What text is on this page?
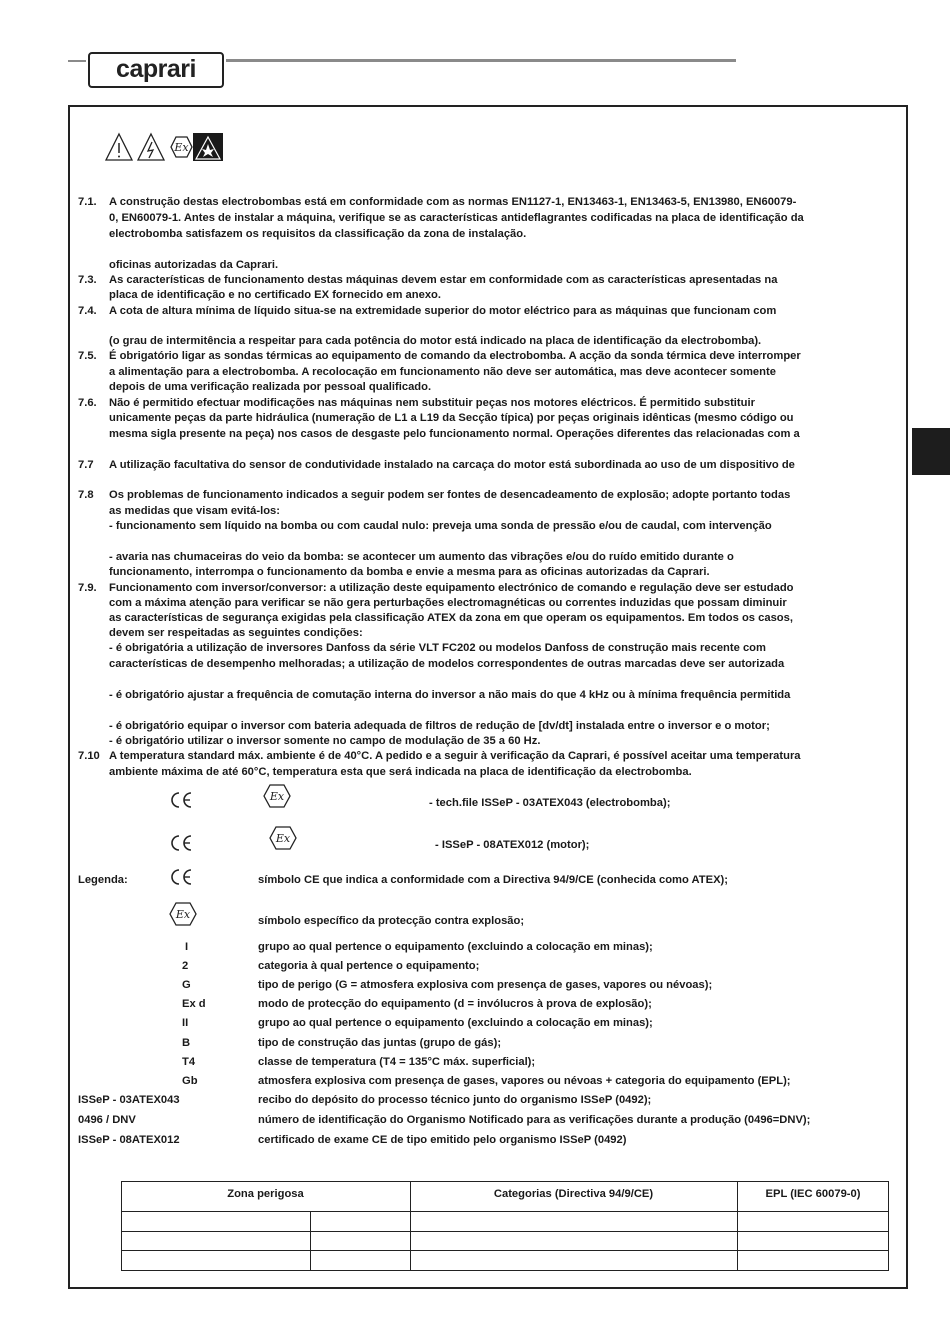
caprari
Ex
7.1. A construção destas electrobombas está em conformidade com as normas EN1127-1, EN13463-1, EN13463-5, EN13980, EN60079-
0, EN60079-1. Antes de instalar a máquina, verifique se as características antideflagrantes codificadas na placa de identificação da
electrobomba satisfazem os requisitos da classificação da zona de instalação.
oficinas autorizadas da Caprari.
7.3. As características de funcionamento destas máquinas devem estar em conformidade com as características apresentadas na
placa de identificação e no certificado EX fornecido em anexo.
7.4. A cota de altura mínima de líquido situa-se na extremidade superior do motor eléctrico para as máquinas que funcionam com
(o grau de intermitência a respeitar para cada potência do motor está indicado na placa de identificação da electrobomba).
7.5. É obrigatório ligar as sondas térmicas ao equipamento de comando da electrobomba. A acção da sonda térmica deve interromper
a alimentação para a electrobomba. A recolocação em funcionamento não deve ser automática, mas deve acontecer somente
depois de uma verificação realizada por pessoal qualificado.
7.6. Não é permitido efectuar modificações nas máquinas nem substituir peças nos motores eléctricos. É permitido substituir
unicamente peças da parte hidráulica (numeração de L1 a L19 da Secção típica) por peças originais idênticas (mesmo código ou
mesma sigla presente na peça) nos casos de desgaste pelo funcionamento normal. Operações diferentes das relacionadas com a
7.7 A utilização facultativa do sensor de condutividade instalado na carcaça do motor está subordinada ao uso de um dispositivo de
7.8 Os problemas de funcionamento indicados a seguir podem ser fontes de desencadeamento de explosão; adopte portanto todas
as medidas que visam evitá-los:
- funcionamento sem líquido na bomba ou com caudal nulo: preveja uma sonda de pressão e/ou de caudal, com intervenção
- avaria nas chumaceiras do veio da bomba: se acontecer um aumento das vibrações e/ou do ruído emitido durante o
funcionamento, interrompa o funcionamento da bomba e envie a mesma para as oficinas autorizadas da Caprari.
7.9. Funcionamento com inversor/conversor: a utilização deste equipamento electrónico de comando e regulação deve ser estudado
com a máxima atenção para verificar se não gera perturbações electromagnéticas ou correntes induzidas que possam diminuir
as características de segurança exigidas pela classificação ATEX da zona em que operam os equipamentos. Em todos os casos,
devem ser respeitadas as seguintes condições:
- é obrigatória a utilização de inversores Danfoss da série VLT FC202 ou modelos Danfoss de construção mais recente com
características de desempenho melhoradas; a utilização de modelos correspondentes de outras marcadas deve ser autorizada
- é obrigatório ajustar a frequência de comutação interna do inversor a não mais do que 4 kHz ou à mínima frequência permitida
- é obrigatório equipar o inversor com bateria adequada de filtros de redução de [dv/dt] instalada entre o inversor e o motor;
- é obrigatório utilizar o inversor somente no campo de modulação de 35 a 60 Hz.
7.10 A temperatura standard máx. ambiente é de 40°C. A pedido e a seguir à verificação da Caprari, é possível aceitar uma temperatura
ambiente máxima de até 60°C, temperatura esta que será indicada na placa de identificação da electrobomba.
Ex	- tech.file ISSeP - 03ATEX043 (electrobomba);
Ex	- ISSeP - 08ATEX012 (motor);
Legenda:	símbolo CE que indica a conformidade com a Directiva 94/9/CE (conhecida como ATEX);
Ex	símbolo específico da protecção contra explosão;
I	grupo ao qual pertence o equipamento (excluindo a colocação em minas);
2	categoria à qual pertence o equipamento;
G	tipo de perigo (G = atmosfera explosiva com presença de gases, vapores ou névoas);
Ex d	modo de protecção do equipamento (d = invólucros à prova de explosão);
II	grupo ao qual pertence o equipamento (excluindo a colocação em minas);
B	tipo de construção das juntas (grupo de gás);
T4	classe de temperatura (T4 = 135°C máx. superficial);
Gb	atmosfera explosiva com presença de gases, vapores ou névoas + categoria do equipamento (EPL);
ISSeP - 03ATEX043	recibo do depósito do processo técnico junto do organismo ISSeP (0492);
0496 / DNV	número de identificação do Organismo Notificado para as verificações durante a produção (0496=DNV);
ISSeP - 08ATEX012	certificado de exame CE de tipo emitido pelo organismo ISSeP (0492)
Zona perigosa	Categorias (Directiva 94/9/CE)	EPL (IEC 60079-0)
